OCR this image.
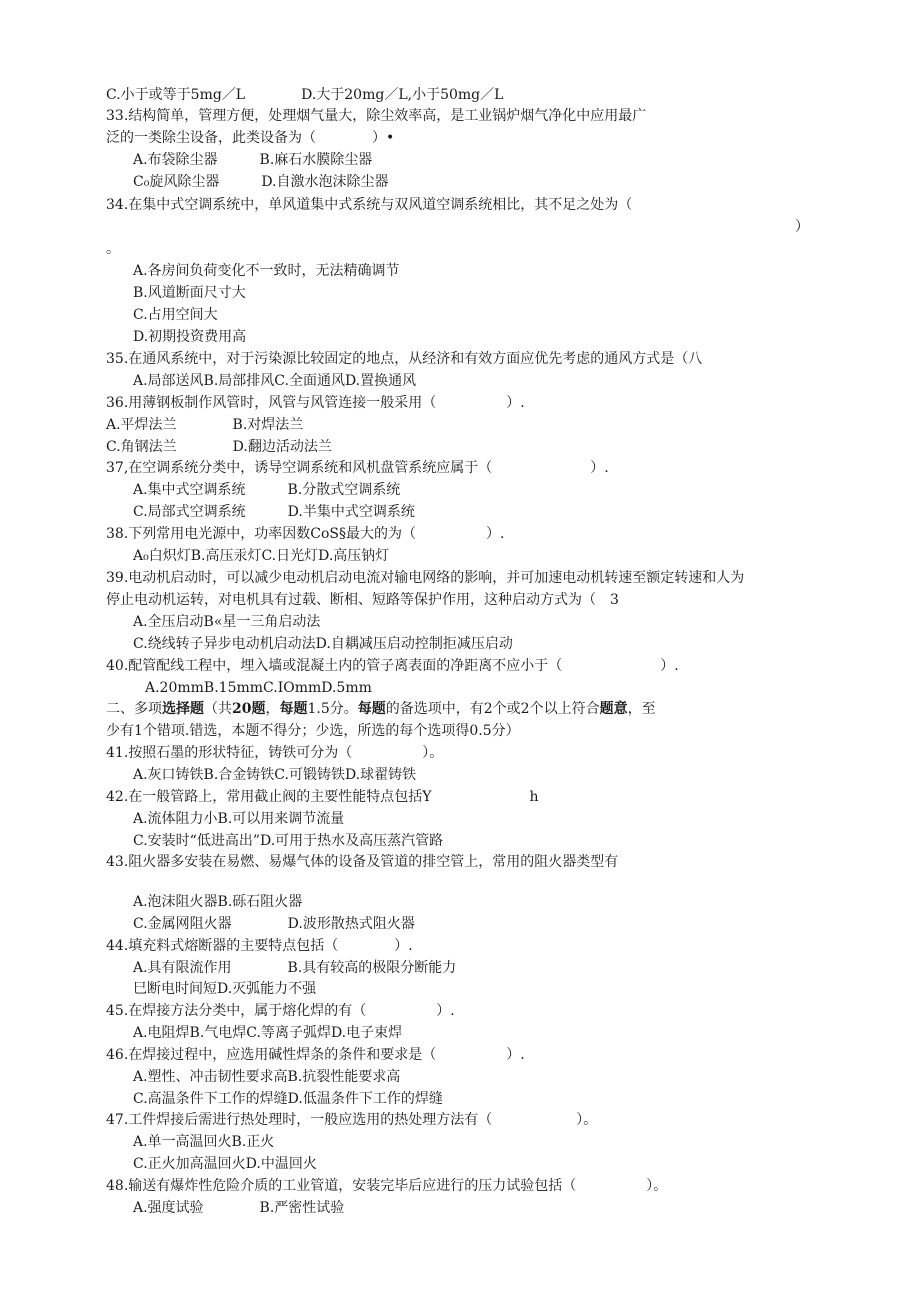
C.小于或等于5mg／L　　　　D.大于20mg／L,小于50mg／L
33.结构简单，管理方便，处理烟气量大，除尘效率高，是工业锅炉烟气净化中应用最广
泛的一类除尘设备，此类设备为（　　　　）•
A.布袋除尘器　　　B.麻石水膜除尘器
C₀旋风除尘器　　　D.自激水泡沫除尘器
34.在集中式空调系统中，单风道集中式系统与双风道空调系统相比，其不足之处为（
）
。
A.各房间负荷变化不一致时，无法精确调节
B.风道断面尺寸大
C.占用空间大
D.初期投资费用高
35.在通风系统中，对于污染源比较固定的地点，从经济和有效方面应优先考虑的通风方式是（八
A.局部送风B.局部排风C.全面通风D.置换通风
36.用薄钢板制作风管时，风管与风管连接一般采用（　　　　　）.
A.平焊法兰　　　　B.对焊法兰
C.角钢法兰　　　　D.翻边活动法兰
37,在空调系统分类中，诱导空调系统和风机盘管系统应属于（　　　　　　　）.
A.集中式空调系统　　　B.分散式空调系统
C.局部式空调系统　　　D.半集中式空调系统
38.下列常用电光源中，功率因数CoS§最大的为（　　　　　）.
A₀白炽灯B.高压汞灯C.日光灯D.高压钠灯
39.电动机启动时，可以减少电动机启动电流对输电网络的影响，并可加速电动机转速至额定转速和人为
停止电动机运转，对电机具有过载、断相、短路等保护作用，这种启动方式为（　3
A.全压启动B«星一三角启动法
C.绕线转子异步电动机启动法D.自耦减压启动控制拒减压启动
40.配管配线工程中，埋入墙或混凝土内的管子离表面的净距离不应小于（　　　　　　　）.
A.20mmB.15mmC.IOmmD.5mm
二、多项选择题（共20题，每题1.5分。每题的备选项中，有2个或2个以上符合题意，至
少有1个错项.错选，本题不得分；少选，所选的每个选项得0.5分）
41.按照石墨的形状特征，铸铁可分为（　　　　　）。
A.灰口铸铁B.合金铸铁C.可锻铸铁D.球翟铸铁
42.在一般管路上，常用截止阀的主要性能特点包括Y　　　　　　　h
A.流体阻力小B.可以用来调节流量
C.安装时“低进高出”D.可用于热水及高压蒸汽管路
43.阻火器多安装在易燃、易爆气体的设备及管道的排空管上，常用的阻火器类型有
A.泡沫阻火器B.砾石阻火器
C.金属网阻火器　　　　D.波形散热式阻火器
44.填充料式熔断器的主要特点包括（　　　　）.
A.具有限流作用　　　　B.具有较高的极限分断能力
巳断电时间短D.灭弧能力不强
45.在焊接方法分类中，属于熔化焊的有（　　　　　）.
A.电阻焊B.气电焊C.等离子弧焊D.电子束焊
46.在焊接过程中，应选用碱性焊条的条件和要求是（　　　　　）.
A.塑性、冲击韧性要求高B.抗裂性能要求高
C.高温条件下工作的焊缝D.低温条件下工作的焊缝
47.工件焊接后需进行热处理时，一般应选用的热处理方法有（　　　　　　）。
A.单一高温回火B.正火
C.正火加高温回火D.中温回火
48.输送有爆炸性危险介质的工业管道，安装完毕后应进行的压力试验包括（　　　　　）。
A.强度试验　　　　B.严密性试验
